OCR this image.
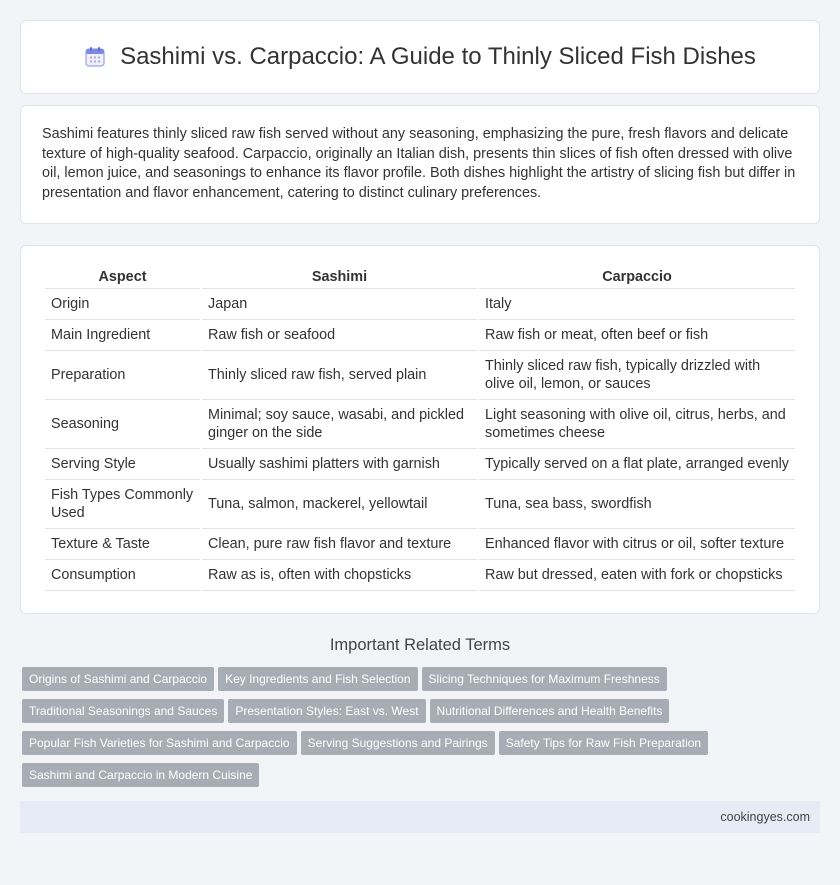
Sashimi vs. Carpaccio: A Guide to Thinly Sliced Fish Dishes
Sashimi features thinly sliced raw fish served without any seasoning, emphasizing the pure, fresh flavors and delicate texture of high-quality seafood. Carpaccio, originally an Italian dish, presents thin slices of fish often dressed with olive oil, lemon juice, and seasonings to enhance its flavor profile. Both dishes highlight the artistry of slicing fish but differ in presentation and flavor enhancement, catering to distinct culinary preferences.
Aspect	Sashimi	Carpaccio
Origin	Japan	Italy
Main Ingredient	Raw fish or seafood	Raw fish or meat, often beef or fish
Preparation	Thinly sliced raw fish, served plain	Thinly sliced raw fish, typically drizzled with olive oil, lemon, or sauces
Seasoning	Minimal; soy sauce, wasabi, and pickled ginger on the side	Light seasoning with olive oil, citrus, herbs, and sometimes cheese
Serving Style	Usually sashimi platters with garnish	Typically served on a flat plate, arranged evenly
Fish Types Commonly Used	Tuna, salmon, mackerel, yellowtail	Tuna, sea bass, swordfish
Texture & Taste	Clean, pure raw fish flavor and texture	Enhanced flavor with citrus or oil, softer texture
Consumption	Raw as is, often with chopsticks	Raw but dressed, eaten with fork or chopsticks
Important Related Terms
Origins of Sashimi and Carpaccio Key Ingredients and Fish Selection Slicing Techniques for Maximum Freshness
Traditional Seasonings and Sauces Presentation Styles: East vs. West Nutritional Differences and Health Benefits
Popular Fish Varieties for Sashimi and Carpaccio Serving Suggestions and Pairings Safety Tips for Raw Fish Preparation
Sashimi and Carpaccio in Modern Cuisine
cookingyes.com
